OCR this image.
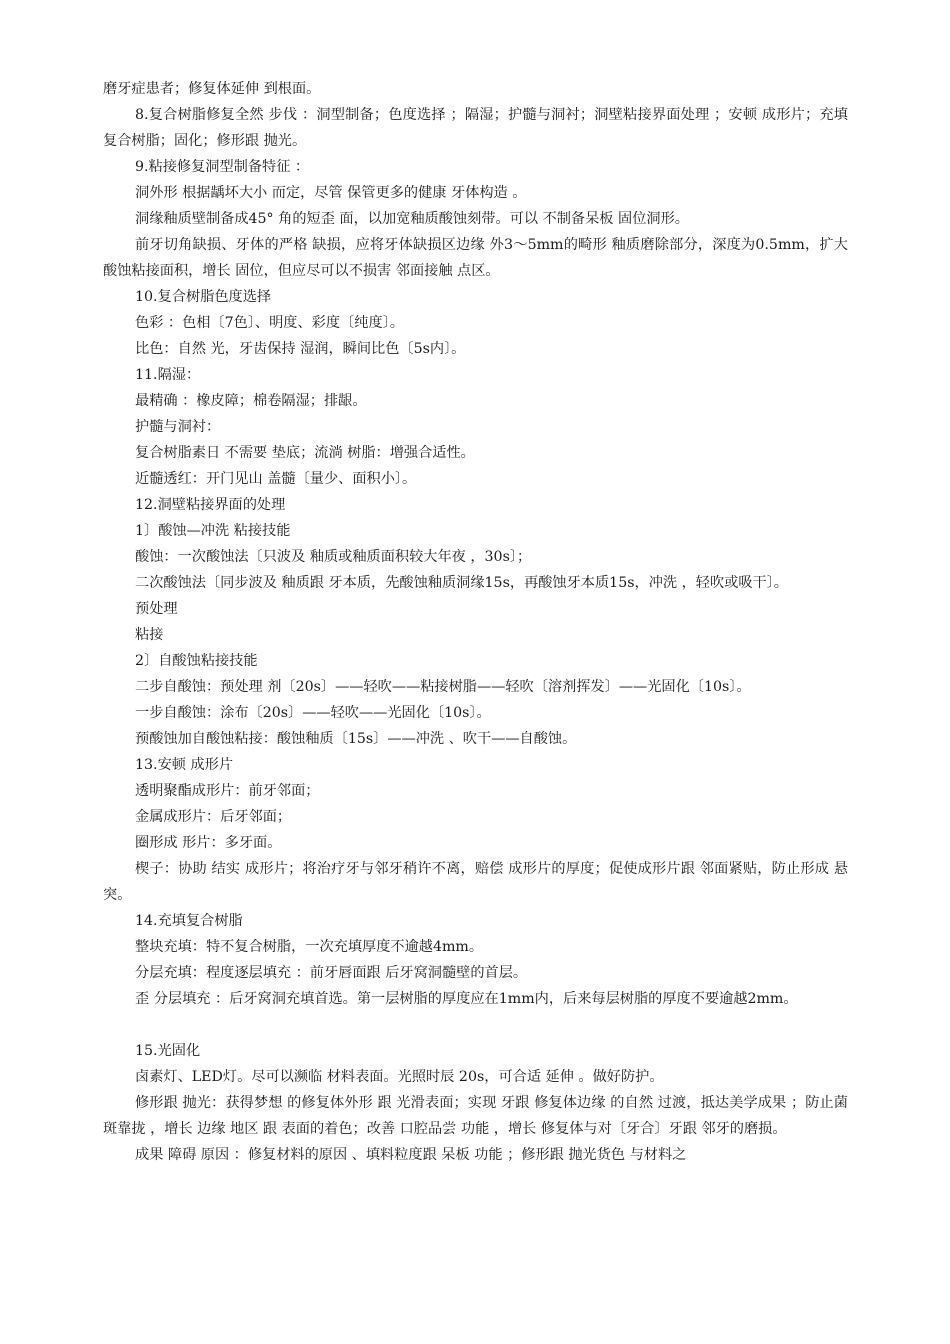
磨牙症患者；修复体延伸 到根面。

8.复合树脂修复全然 步伐 ：洞型制备；色度选择 ；隔湿；护髓与洞衬；洞壁粘接界面处理 ；安顿 成形片；充填复合树脂；固化；修形跟 抛光。

9.粘接修复洞型制备特征 ：

洞外形 根据龋坏大小 而定，尽管 保管更多的健康 牙体构造 。

洞缘釉质壁制备成45° 角的短歪 面，以加宽釉质酸蚀刻带。可以 不制备呆板 固位洞形。

前牙切角缺损、牙体的严格 缺损，应将牙体缺损区边缘 外3～5mm的畸形 釉质磨除部分，深度为0.5mm，扩大 酸蚀粘接面积，增长 固位，但应尽可以不损害 邻面接触 点区。

10.复合树脂色度选择

色彩 ：色相〔7色〕、明度、彩度〔纯度〕。

比色：自然 光，牙齿保持 湿润，瞬间比色〔5s内〕。

11.隔湿：

最精确 ：橡皮障；棉卷隔湿；排龈。

护髓与洞衬：

复合树脂素日 不需要 垫底；流淌 树脂：增强合适性。

近髓透红：开门见山 盖髓〔量少、面积小〕。

12.洞壁粘接界面的处理

1〕酸蚀—冲洗 粘接技能

酸蚀：一次酸蚀法〔只波及 釉质或釉质面积较大年夜 ，30s〕；

二次酸蚀法〔同步波及 釉质跟 牙本质，先酸蚀釉质洞缘15s，再酸蚀牙本质15s，冲洗 ，轻吹或吸干〕。

预处理

粘接

2〕自酸蚀粘接技能

二步自酸蚀：预处理 剂〔20s〕——轻吹——粘接树脂——轻吹〔溶剂挥发〕——光固化〔10s〕。

一步自酸蚀：涂布〔20s〕——轻吹——光固化〔10s〕。

预酸蚀加自酸蚀粘接：酸蚀釉质〔15s〕——冲洗 、吹干——自酸蚀。

13.安顿 成形片

透明聚酯成形片：前牙邻面；

金属成形片：后牙邻面；

圈形成 形片：多牙面。

楔子：协助 结实 成形片；将治疗牙与邻牙稍许不离，赔偿 成形片的厚度；促使成形片跟 邻面紧贴，防止形成 悬突。

14.充填复合树脂

整块充填：特不复合树脂，一次充填厚度不逾越4mm。

分层充填：程度逐层填充 ：前牙唇面跟 后牙窝洞髓壁的首层。

歪 分层填充 ：后牙窝洞充填首选。第一层树脂的厚度应在1mm内，后来每层树脂的厚度不要逾越2mm。

15.光固化

卤素灯、LED灯。尽可以濒临 材料表面。光照时辰 20s，可合适 延伸 。做好防护。

修形跟 抛光：获得梦想 的修复体外形 跟 光滑表面；实现 牙跟 修复体边缘 的自然 过渡，抵达美学成果 ；防止菌斑靠拢 ，增长 边缘 地区 跟 表面的着色；改善 口腔品尝 功能 ，增长 修复体与对〔牙合〕牙跟 邻牙的磨损。

成果 障碍 原因 ：修复材料的原因 、填料粒度跟 呆板 功能 ；修形跟 抛光货色 与材料之
